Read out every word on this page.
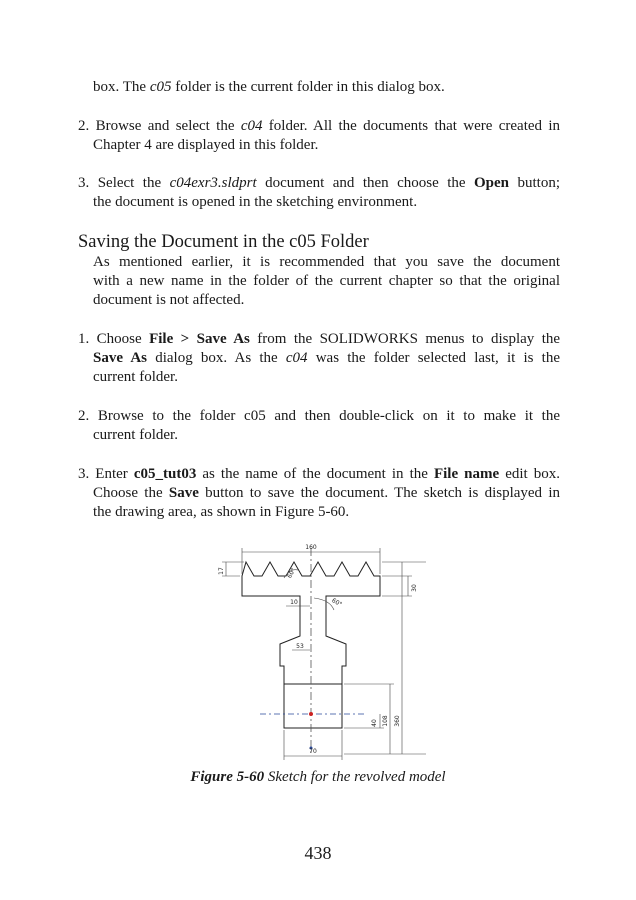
box. The c05 folder is the current folder in this dialog box.
2. Browse and select the c04 folder. All the documents that were created in
Chapter 4 are displayed in this folder.
3. Select the c04exr3.sldprt document and then choose the Open button;
the document is opened in the sketching environment.
Saving the Document in the c05 Folder
As mentioned earlier, it is recommended that you save the document
with a new name in the folder of the current chapter so that the original
document is not affected.
1. Choose File > Save As from the SOLIDWORKS menus to display the
Save As dialog box. As the c04 was the folder selected last, it is the
current folder.
2. Browse to the folder c05 and then double-click on it to make it the
current folder.
3. Enter c05_tut03 as the name of the document in the File name edit box.
Choose the Save button to save the document. The sketch is displayed in
the drawing area, as shown in Figure 5-60.
160
17
30
10
53
40 108 360
70
60°
60°
Figure 5-60 Sketch for the revolved model
438
